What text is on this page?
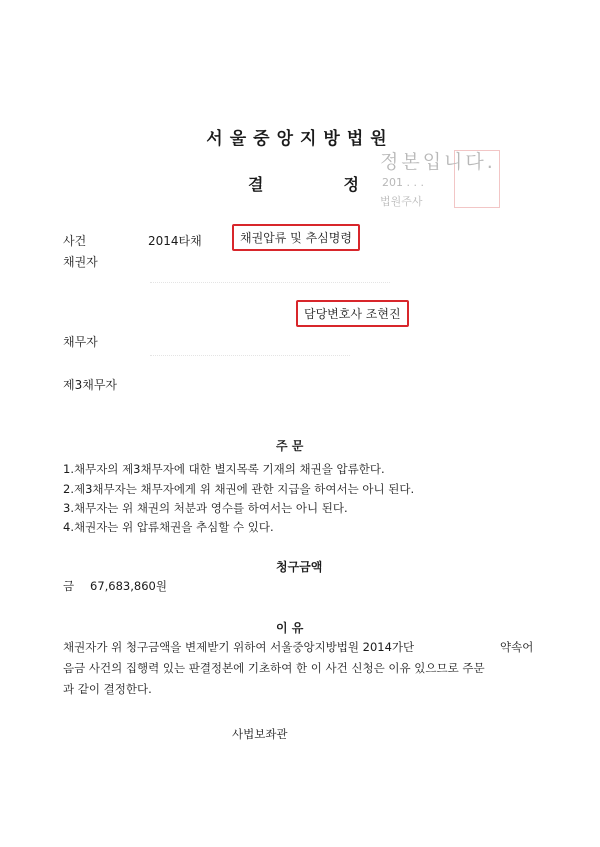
서울중앙지방법원
결	정
정본입니다.
201 . . .
법원주사
사건	2014타채	채권압류 및 추심명령
채권자
담당변호사 조현진
채무자
제3채무자
주 문
1.채무자의 제3채무자에 대한 별지목록 기재의 채권을 압류한다.
2.제3채무자는 채무자에게 위 채권에 관한 지급을 하여서는 아니 된다.
3.채무자는 위 채권의 처분과 영수를 하여서는 아니 된다.
4.채권자는 위 압류채권을 추심할 수 있다.
청구금액
금 67,683,860원
이 유
채권자가 위 청구금액을 변제받기 위하여 서울중앙지방법원 2014가단	약속어
음금 사건의 집행력 있는 판결정본에 기초하여 한 이 사건 신청은 이유 있으므로 주문
과 같이 결정한다.
사법보좌관
